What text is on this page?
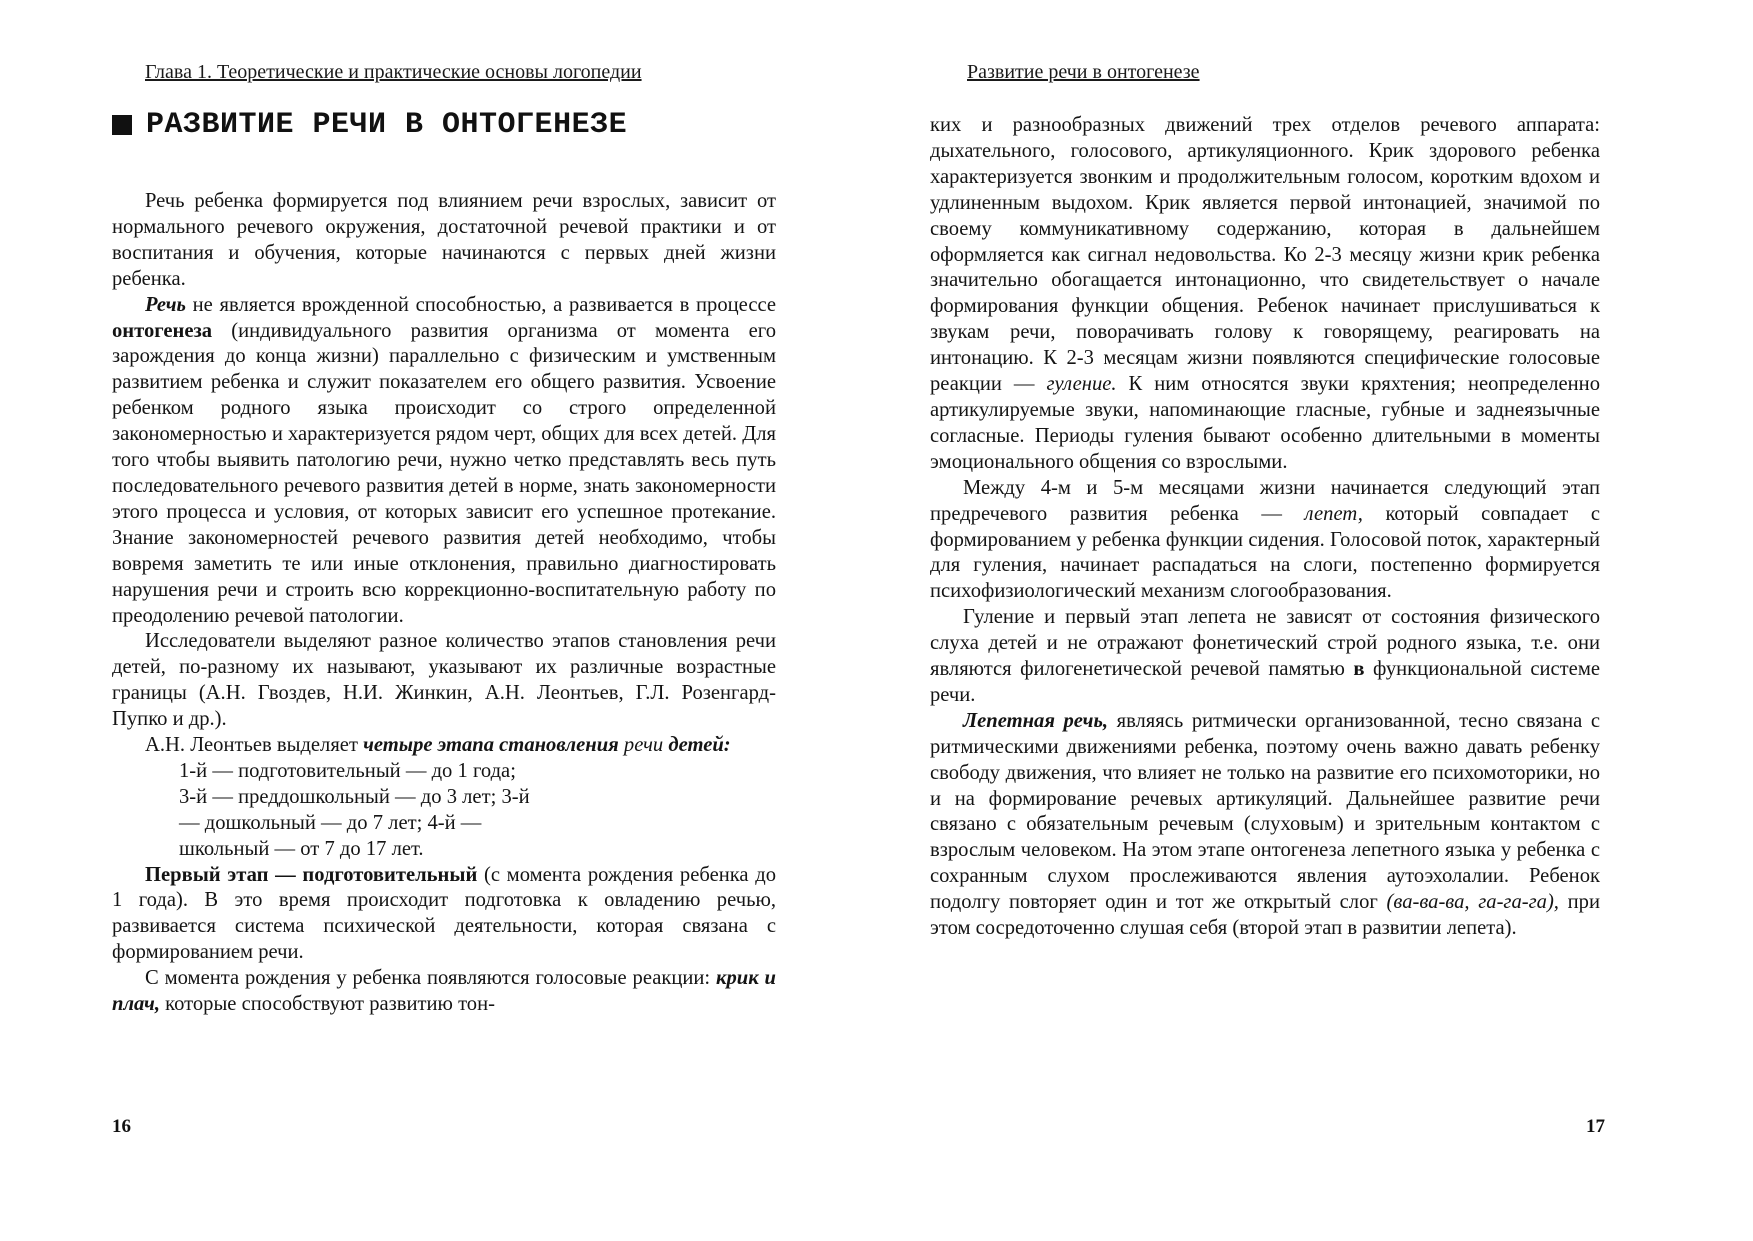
Глава 1. Теоретические и практические основы логопедии
РАЗВИТИЕ РЕЧИ В ОНТОГЕНЕЗЕ

Речь ребенка формируется под влиянием речи взрослых, зависит от нормального речевого окружения, достаточной речевой практики и от воспитания и обучения, которые начинаются с первых дней жизни ребенка.

Речь не является врожденной способностью, а развивается в процессе онтогенеза (индивидуального развития организма от момента его зарождения до конца жизни) параллельно с физическим и умственным развитием ребенка и служит показателем его общего развития. Усвоение ребенком родного языка происходит со строго определенной закономерностью и характеризуется рядом черт, общих для всех детей. Для того чтобы выявить патологию речи, нужно четко представлять весь путь последовательного речевого развития детей в норме, знать закономерности этого процесса и условия, от которых зависит его успешное протекание. Знание закономерностей речевого развития детей необходимо, чтобы вовремя заметить те или иные отклонения, правильно диагностировать нарушения речи и строить всю коррекционно-воспитательную работу по преодолению речевой патологии.

Исследователи выделяют разное количество этапов становления речи детей, по-разному их называют, указывают их различные возрастные границы (А.Н. Гвоздев, Н.И. Жинкин, А.Н. Леонтьев, Г.Л. Розенгард-Пупко и др.).

А.Н. Леонтьев выделяет четыре этапа становления речи детей:

1-й — подготовительный — до 1 года;
3-й — преддошкольный — до 3 лет; 3-й
— дошкольный — до 7 лет; 4-й —
школьный — от 7 до 17 лет.

Первый этап — подготовительный (с момента рождения ребенка до 1 года). В это время происходит подготовка к овладению речью, развивается система психической деятельности, которая связана с формированием речи.

С момента рождения у ребенка появляются голосовые реакции: крик и плач, которые способствуют развитию тон-

16
Развитие речи в онтогенезе

ких и разнообразных движений трех отделов речевого аппарата: дыхательного, голосового, артикуляционного. Крик здорового ребенка характеризуется звонким и продолжительным голосом, коротким вдохом и удлиненным выдохом. Крик является первой интонацией, значимой по своему коммуникативному содержанию, которая в дальнейшем оформляется как сигнал недовольства. Ко 2-3 месяцу жизни крик ребенка значительно обогащается интонационно, что свидетельствует о начале формирования функции общения. Ребенок начинает прислушиваться к звукам речи, поворачивать голову к говорящему, реагировать на интонацию. К 2-3 месяцам жизни появляются специфические голосовые реакции — гуление. К ним относятся звуки кряхтения; неопределенно артикулируемые звуки, напоминающие гласные, губные и заднеязычные согласные. Периоды гуления бывают особенно длительными в моменты эмоционального общения со взрослыми.

Между 4-м и 5-м месяцами жизни начинается следующий этап предречевого развития ребенка — лепет, который совпадает с формированием у ребенка функции сидения. Голосовой поток, характерный для гуления, начинает распадаться на слоги, постепенно формируется психофизиологический механизм слогообразования.

Гуление и первый этап лепета не зависят от состояния физического слуха детей и не отражают фонетический строй родного языка, т.е. они являются филогенетической речевой памятью в функциональной системе речи.

Лепетная речь, являясь ритмически организованной, тесно связана с ритмическими движениями ребенка, поэтому очень важно давать ребенку свободу движения, что влияет не только на развитие его психомоторики, но и на формирование речевых артикуляций. Дальнейшее развитие речи связано с обязательным речевым (слуховым) и зрительным контактом с взрослым человеком. На этом этапе онтогенеза лепетного языка у ребенка с сохранным слухом прослеживаются явления аутоэхолалии. Ребенок подолгу повторяет один и тот же открытый слог (ва-ва-ва, га-га-га), при этом сосредоточенно слушая себя (второй этап в развитии лепета).

17
